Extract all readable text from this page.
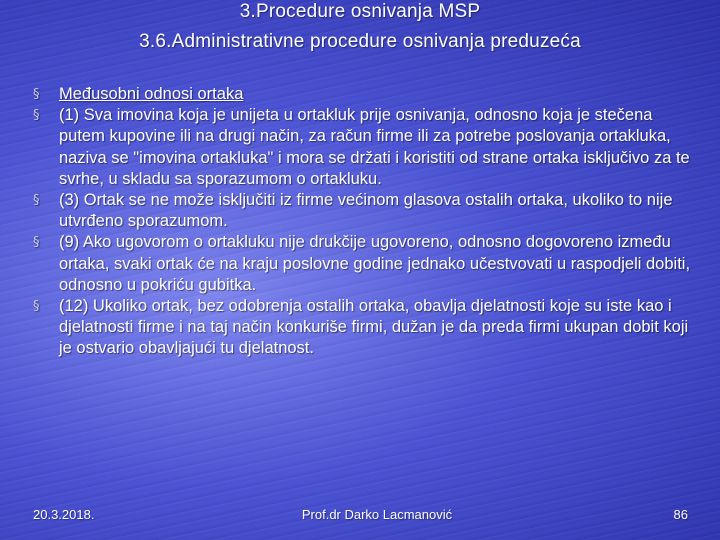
3.Procedure osnivanja MSP
3.6.Administrativne procedure osnivanja preduzeća
§ Međusobni odnosi ortaka
§ (1) Sva imovina koja je unijeta u ortakluk prije osnivanja, odnosno koja je stečena putem kupovine ili na drugi način, za račun firme ili za potrebe poslovanja ortakluka, naziva se "imovina ortakluka" i mora se držati i koristiti od strane ortaka isključivo za te svrhe, u skladu sa sporazumom o ortakluku.
§ (3) Ortak se ne može isključiti iz firme većinom glasova ostalih ortaka, ukoliko to nije utvrđeno sporazumom.
§ (9) Ako ugovorom o ortakluku nije drukčije ugovoreno, odnosno dogovoreno između ortaka, svaki ortak će na kraju poslovne godine jednako učestvovati u raspodjeli dobiti, odnosno u pokriću gubitka.
§ (12) Ukoliko ortak, bez odobrenja ostalih ortaka, obavlja djelatnosti koje su iste kao i djelatnosti firme i na taj način konkuriše firmi, dužan je da preda firmi ukupan dobit koji je ostvario obavljajući tu djelatnost.
20.3.2018.	Prof.dr Darko Lacmanović	86
